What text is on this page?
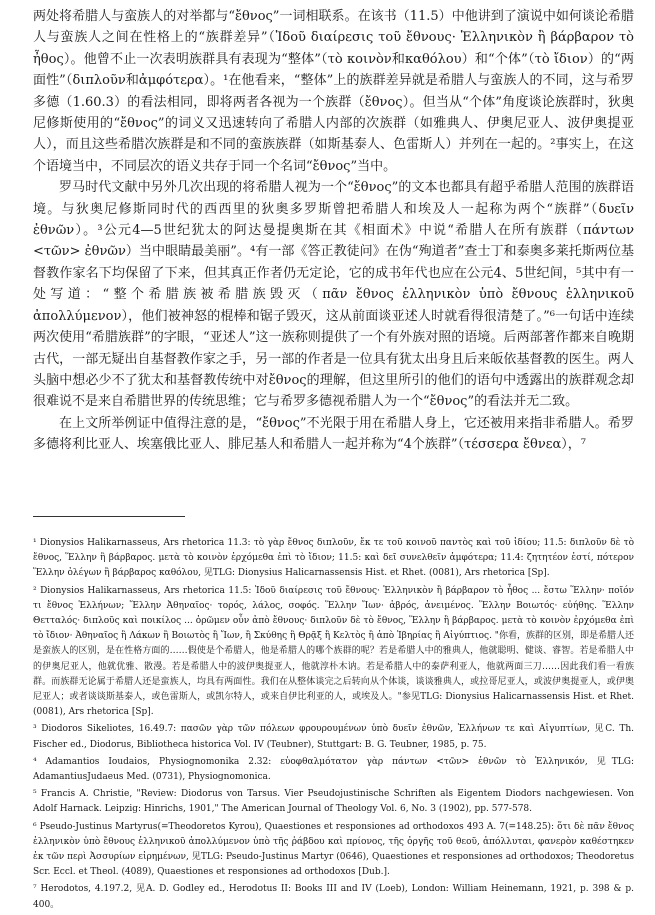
两处将希腊人与蛮族人的对举都与“ἔθνος”一词相联系。在该书（11.5）中他讲到了演说中如何谈论希腊人与蛮族人之间在性格上的“族群差异”（Ἰδοῦ διαίρεσις τοῦ ἔθνους· Ἑλληνικὸν ἢ βάρβαρον τὸ ἦθος）。他曾不止一次表明族群具有表现为“整体”（τὸ κοινὸν和καθόλου）和“个体”（τὸ ἴδιον）的“两面性”（διπλοῦν和ἀμφότερα）。¹在他看来，“整体”上的族群差异就是希腊人与蛮族人的不同，这与希罗多德（1.60.3）的看法相同，即将两者各视为一个族群（ἔθνος）。但当从“个体”角度谈论族群时，狄奥尼修斯使用的“ἔθνος”的词义又迅速转向了希腊人内部的次族群（如雅典人、伊奥尼亚人、波伊奥提亚人），而且这些希腊次族群是和不同的蛮族族群（如斯基泰人、色雷斯人）并列在一起的。²事实上，在这个语境当中，不同层次的语义共存于同一个名词“ἔθνος”当中。

罗马时代文献中另外几次出现的将希腊人视为一个“ἔθνος”的文本也都具有超乎希腊人范围的族群语境。与狄奥尼修斯同时代的西西里的狄奥多罗斯曾把希腊人和埃及人一起称为两个“族群”（δυεῖν ἐθνῶν）。³公元4—5世纪犹太的阿达曼提奥斯在其《相面术》中说“希腊人在所有族群（πάντων <τῶν> ἐθνῶν）当中眼睛最美丽”。⁴有一部《答正教徒问》在伪“殉道者”查士丁和泰奥多莱托斯两位基督教作家名下均保留了下来，但其真正作者仍无定论，它的成书年代也应在公元4、5世纪间，⁵其中有一处写道：“整个希腊族被希腊族毁灭（πᾶν ἔθνος ἑλληνικὸν ὑπὸ ἔθνους ἑλληνικοῦ ἀπολλύμενον），他们被神怒的棍棒和锯子毁灭，这从前面谈亚述人时就看得很清楚了。”⁶一句话中连续两次使用“希腊族群”的字眼，“亚述人”这一族称则提供了一个有外族对照的语境。后两部著作都来自晚期古代，一部无疑出自基督教作家之手，另一部的作者是一位具有犹太出身且后来皈依基督教的医生。两人头脑中想必少不了犹太和基督教传统中对ἔθνος的理解，但这里所引的他们的语句中透露出的族群观念却很难说不是来自希腊世界的传统思维；它与希罗多德视希腊人为一个“ἔθνος”的看法并无二致。

在上文所举例证中值得注意的是，“ἔθνος”不光限于用在希腊人身上，它还被用来指非希腊人。希罗多德将利比亚人、埃塞俄比亚人、腓尼基人和希腊人一起并称为“4个族群”（τέσσερα ἔθνεα），⁷

¹ Dionysios Halikarnasseus, Ars rhetorica 11.3: τὸ γὰρ ἔθνος διπλοῦν, ἔκ τε τοῦ κοινοῦ παντὸς καὶ τοῦ ἰδίου; 11.5: διπλοῦν δὲ τὸ ἔθνος, Ἕλλην ἢ βάρβαρος. μετὰ τὸ κοινὸν ἐρχόμεθα ἐπὶ τὸ ἴδιον; 11.5: καὶ δεῖ συνελθεῖν ἀμφότερα; 11.4: ζητητέον ἐστί, πότερον Ἕλλην ὀλέγων ἢ βάρβαρος καθόλου, 见TLG: Dionysius Halicarnassensis Hist. et Rhet. (0081), Ars rhetorica [Sp].

² Dionysios Halikarnasseus, Ars rhetorica 11.5: Ἰδοῦ διαίρεσις τοῦ ἔθνους· Ἑλληνικὸν ἢ βάρβαρον τὸ ἦθος ... ἔστω Ἕλλην· ποῖόν τι ἔθνος Ἑλλήνων; Ἕλλην Ἀθηναῖος· τορός, λάλος, σοφός. Ἕλλην Ἴων· ἁβρός, ἀνειμένος. Ἕλλην Βοιωτός· εὐήθης. Ἕλλην Θετταλός· διπλοῦς καὶ ποικίλος ... ὁρῶμεν οὖν ἀπὸ ἔθνους· διπλοῦν δὲ τὸ ἔθνος, Ἕλλην ἢ βάρβαρος. μετὰ τὸ κοινὸν ἐρχόμεθα ἐπὶ τὸ ἴδιον· Ἀθηναῖος ἢ Λάκων ἢ Βοιωτὸς ἢ Ἴων, ἢ Σκύθης ἢ Θρᾷξ ἢ Κελτὸς ἢ ἀπὸ Ἰβηρίας ἢ Αἰγύπτιος. "你看，族群的区别，即是希腊人还是蛮族人的区别，是在性格方面的……假使是个希腊人，他是希腊人的哪个族群的呢？若是希腊人中的雅典人，他就聪明、健谈、睿智。若是希腊人中的伊奥尼亚人，他就优雅、散漫。若是希腊人中的波伊奥提亚人，他就淳朴木讷。若是希腊人中的泰萨利亚人，他就两面三刀……因此我们看一看族群。而族群无论属于希腊人还是蛮族人，均具有两面性。我们在从整体谈完之后转向从个体谈，谈谈雅典人，或拉哥尼亚人，或波伊奥提亚人，或伊奥尼亚人；或者谈谈斯基泰人，或色雷斯人，或凯尔特人，或来自伊比利亚的人，或埃及人。"参见TLG: Dionysius Halicarnassensis Hist. et Rhet. (0081), Ars rhetorica [Sp].

³ Diodoros Sikeliotes, 16.49.7: πασῶν γὰρ τῶν πόλεων φρουρουμένων ὑπὸ δυεῖν ἐθνῶν, Ἑλλήνων τε καὶ Αἰγυπτίων, 见C. Th. Fischer ed., Diodorus, Bibliotheca historica Vol. IV (Teubner), Stuttgart: B. G. Teubner, 1985, p. 75.

⁴ Adamantios Ioudaios, Physiognomonika 2.32: εὐοφθαλμότατον γὰρ πάντων <τῶν> ἐθνῶν τὸ Ἑλληνικόν, 见TLG: AdamantiusJudaeus Med. (0731), Physiognomonica.

⁵ Francis A. Christie, "Review: Diodorus von Tarsus. Vier Pseudojustinische Schriften als Eigentem Diodors nachgewiesen. Von Adolf Harnack. Leipzig: Hinrichs, 1901," The American Journal of Theology Vol. 6, No. 3 (1902), pp. 577-578.

⁶ Pseudo-Justinus Martyrus(=Theodoretos Kyrou), Quaestiones et responsiones ad orthodoxos 493 A. 7(=148.25): ὅτι δὲ πᾶν ἔθνος ἑλληνικὸν ὑπὸ ἔθνους ἑλληνικοῦ ἀπολλύμενον ὑπὸ τῆς ῥάβδου καὶ πρίονος, τῆς ὀργῆς τοῦ θεοῦ, ἀπόλλυται, φανερὸν καθέστηκεν ἐκ τῶν περὶ Ἀσσυρίων εἰρημένων, 见TLG: Pseudo-Justinus Martyr (0646), Quaestiones et responsiones ad orthodoxos; Theodoretus Scr. Eccl. et Theol. (4089), Quaestiones et responsiones ad orthodoxos [Dub.].

⁷ Herodotos, 4.197.2, 见A. D. Godley ed., Herodotus II: Books III and IV (Loeb), London: William Heinemann, 1921, p. 398 & p. 400。
